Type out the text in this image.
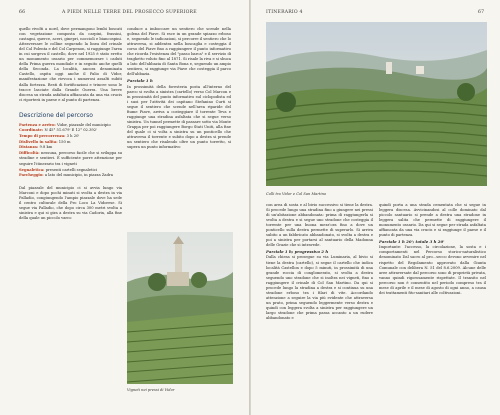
66	A PIEDI NELLE TERRE DEL PROSECCO SUPERIORE

quello rivolti a nord, dove permangono lembi boscati con vegetazione composta da carpini, frassini, castagni, querce, aceri, ginepri, noccioli e biancospini. Attraversare le colline seguendo la linea del crinale del Col Polenta e del Col Carpenon, si raggiunge l'area in cui sorgeva il castello, dove nel 1925 è stato eretto un monumento ossario per commemorare i caduti della Prima guerra mondiale e in seguito anche quelli della Seconda. La località, ancora denominata Castello, ospita oggi anche il Palio di Vidor, manifestazione che rievoca i numerosi assalti subiti dalla fortezza. Resti di fortificazioni e trincee sono le tracce lasciate dalla Grande Guerra. Una breve discesa su strada asfaltata affiancata da una via crucis ci riporterà in paese e al punto di partenza.

Descrizione del percorso
Partenza e arrivo: Vidor, piazzale del municipio
Coordinate: N 45° 51.679' E 12° 02.392'
Tempo di percorrenza: 3 h 20'
Dislivello in salita: 150 m
Distanza: 9.8 km
Difficoltà: nessuna, percorso facile che si sviluppa su stradine e sentieri. È sufficiente porre attenzione per seguire l'itinerario tra i vigneti
Segnaletica: presenti cartelli segnaletici
Parcheggio: a lato del municipio, in piazza Zadra

Dal piazzale del municipio ci si avvia lungo via Marconi e dopo pochi minuti si svolta a destra in via Palladio, congiungendo l'ampio piazzale dove ha sede il centro culturale della Pro Loco La Vidorese. Si segue via Palladio, che dopo circa 300 metri svolta a sinistra e qui si gira a destra su via Cadorin, alla fine della quale un piccolo varco

conduce a imboccare un sentiero che scende nella golena del Piave. Si esce in un grande spiazzo erboso e, seguendo le indicazioni, si percorre il sentiero che lo attraversa, si addentra nella boscaglia e costeggia il corso del Piave fino a raggiungere il punto informativo che ricorda l'esistenza del "passo barca" e il servizio di traghetto voluto fino al 1871. Si risale la riva e si sbuca a lato dell'abbazia di Santa Bona e, seguendo un ampio sentiero, si raggiunge via Piave che costeggia il parco dell'abbazia.

Parziale 1 h

In prossimità della foresteria posta all'interno del parco si svolta a sinistra (cartello) verso Col Marcon e in prossimità del punto informativo sul ciclopodista ed i suoi per l'attività dei capitano Stefanino Curti si segue il sentiero che scende nell'area riparide del fiume Piave, arriva a costeggiare il torrente Teva e raggiunge una stradina asfaltata che si segue verso sinistra. Un tunnel permette di passare sotto via Monte Grappa per poi raggiungere Borgo Stati Uniti, alla fine del quale ci si volta a sinistra su un ponticello che attraversa il torrente e subito dopo a destra si prende un sentiero che risalendo oltre un punto torretto, si supera un punto informativo

Vigneti nei pressi di Vidor
ITINERARIO 4	67
Colli tra Vidor e Col San Martino

con area di sosta e al bivio successivo si tiene la destra. Si procede lungo una stradina fino a giungere nei pressi di un'abitazione abbandonata: prima di raggiungerla si svolta a destra e si segue uno stradone che costeggia il torrente per una buona mezz'ora fino a dove un ponticello sulla destra permette di superarlo. Si arriva subito a un fabbricato abbandonato, si svolta a destra e poi a sinistra per portarsi al santuario della Madonna delle Grazie che si intravede.

Parziale 1 h; progressivo 2 h

Dalla chiesa si prosegue su via Luminaria, al bivio si tiene la destra (cartello), si segue il cartello che indica località Castellon e dopo 5 minuti, in prossimità di una grande roccia di conglomerato, si svolta a destra seguendo uno stradone che si inoltra nei vigneti, fino a raggiungere il crinale di Col San Martino. Da qui si procede lungo la stradina a destra e si continua su una stradone erboso tra i filari di vite. Accordando attenzione a seguire la via più evidente che attraversa un prato, prima seguendo leggermente verso destra e quindi con leggera svolta a sinistra per raggiungere un largo stradone che prima passa accanto a un rudere abbandonato e

quindi porta a una strada cementata che si segue in leggera discesa. Avvicinandosi al colle dominato dal piccolo santuario si prende a destra una stradone in leggera salita che permette di raggiungere il monumento ossario. Da qui si segue per strada asfaltata affiancata da una via crucis e si raggiunge il paese e il punto di partenza.

Parziale 1 h 20'; totale 3 h 20'

Importante: l'accesso, la circolazione, la sosta e i comportamenti nel Percorso storico-naturalistico denominato Dal sacro al pro...secco devono avvenire nel rispetto del Regolamento approvato dalla Giunta Comunale con delibera N. 51 del 8.6.2009. Alcune delle aree attraversate dal percorso sono di proprietà privata, vanno quindi rigorosamente rispettate. Il transito nel percorso non è consentito nel periodo compreso tra il mese di aprile e il mese di agosto di ogni anno, a causa dei trattamenti fito-sanitari alle coltivazioni.
